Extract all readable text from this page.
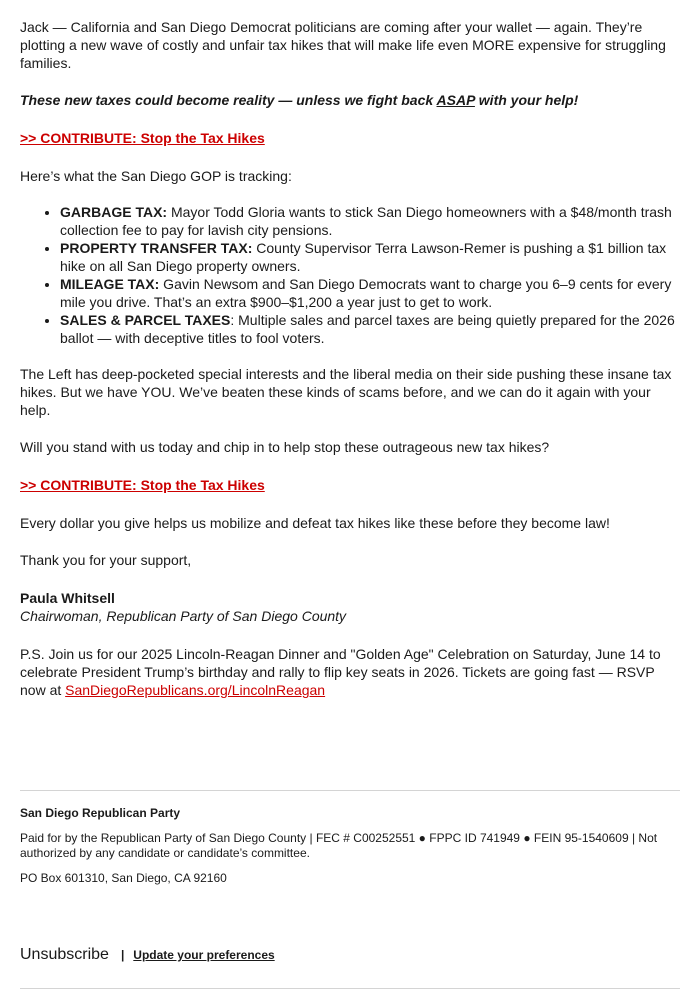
Jack — California and San Diego Democrat politicians are coming after your wallet — again. They’re plotting a new wave of costly and unfair tax hikes that will make life even MORE expensive for struggling families.

These new taxes could become reality — unless we fight back ASAP with your help!

>> CONTRIBUTE: Stop the Tax Hikes

Here’s what the San Diego GOP is tracking:

• GARBAGE TAX: Mayor Todd Gloria wants to stick San Diego homeowners with a $48/month trash collection fee to pay for lavish city pensions.
• PROPERTY TRANSFER TAX: County Supervisor Terra Lawson-Remer is pushing a $1 billion tax hike on all San Diego property owners.
• MILEAGE TAX: Gavin Newsom and San Diego Democrats want to charge you 6–9 cents for every mile you drive. That’s an extra $900–$1,200 a year just to get to work.
• SALES & PARCEL TAXES: Multiple sales and parcel taxes are being quietly prepared for the 2026 ballot — with deceptive titles to fool voters.

The Left has deep-pocketed special interests and the liberal media on their side pushing these insane tax hikes. But we have YOU. We’ve beaten these kinds of scams before, and we can do it again with your help.

Will you stand with us today and chip in to help stop these outrageous new tax hikes?

>> CONTRIBUTE: Stop the Tax Hikes

Every dollar you give helps us mobilize and defeat tax hikes like these before they become law!

Thank you for your support,

Paula Whitsell

Chairwoman, Republican Party of San Diego County

P.S. Join us for our 2025 Lincoln-Reagan Dinner and "Golden Age" Celebration on Saturday, June 14 to celebrate President Trump’s birthday and rally to flip key seats in 2026. Tickets are going fast — RSVP now at SanDiegoRepublicans.org/LincolnReagan

San Diego Republican Party
Paid for by the Republican Party of San Diego County | FEC # C00252551 ● FPPC ID 741949 ● FEIN 95-1540609 | Not authorized by any candidate or candidate’s committee.
PO Box 601310, San Diego, CA 92160
Unsubscribe | Update your preferences
